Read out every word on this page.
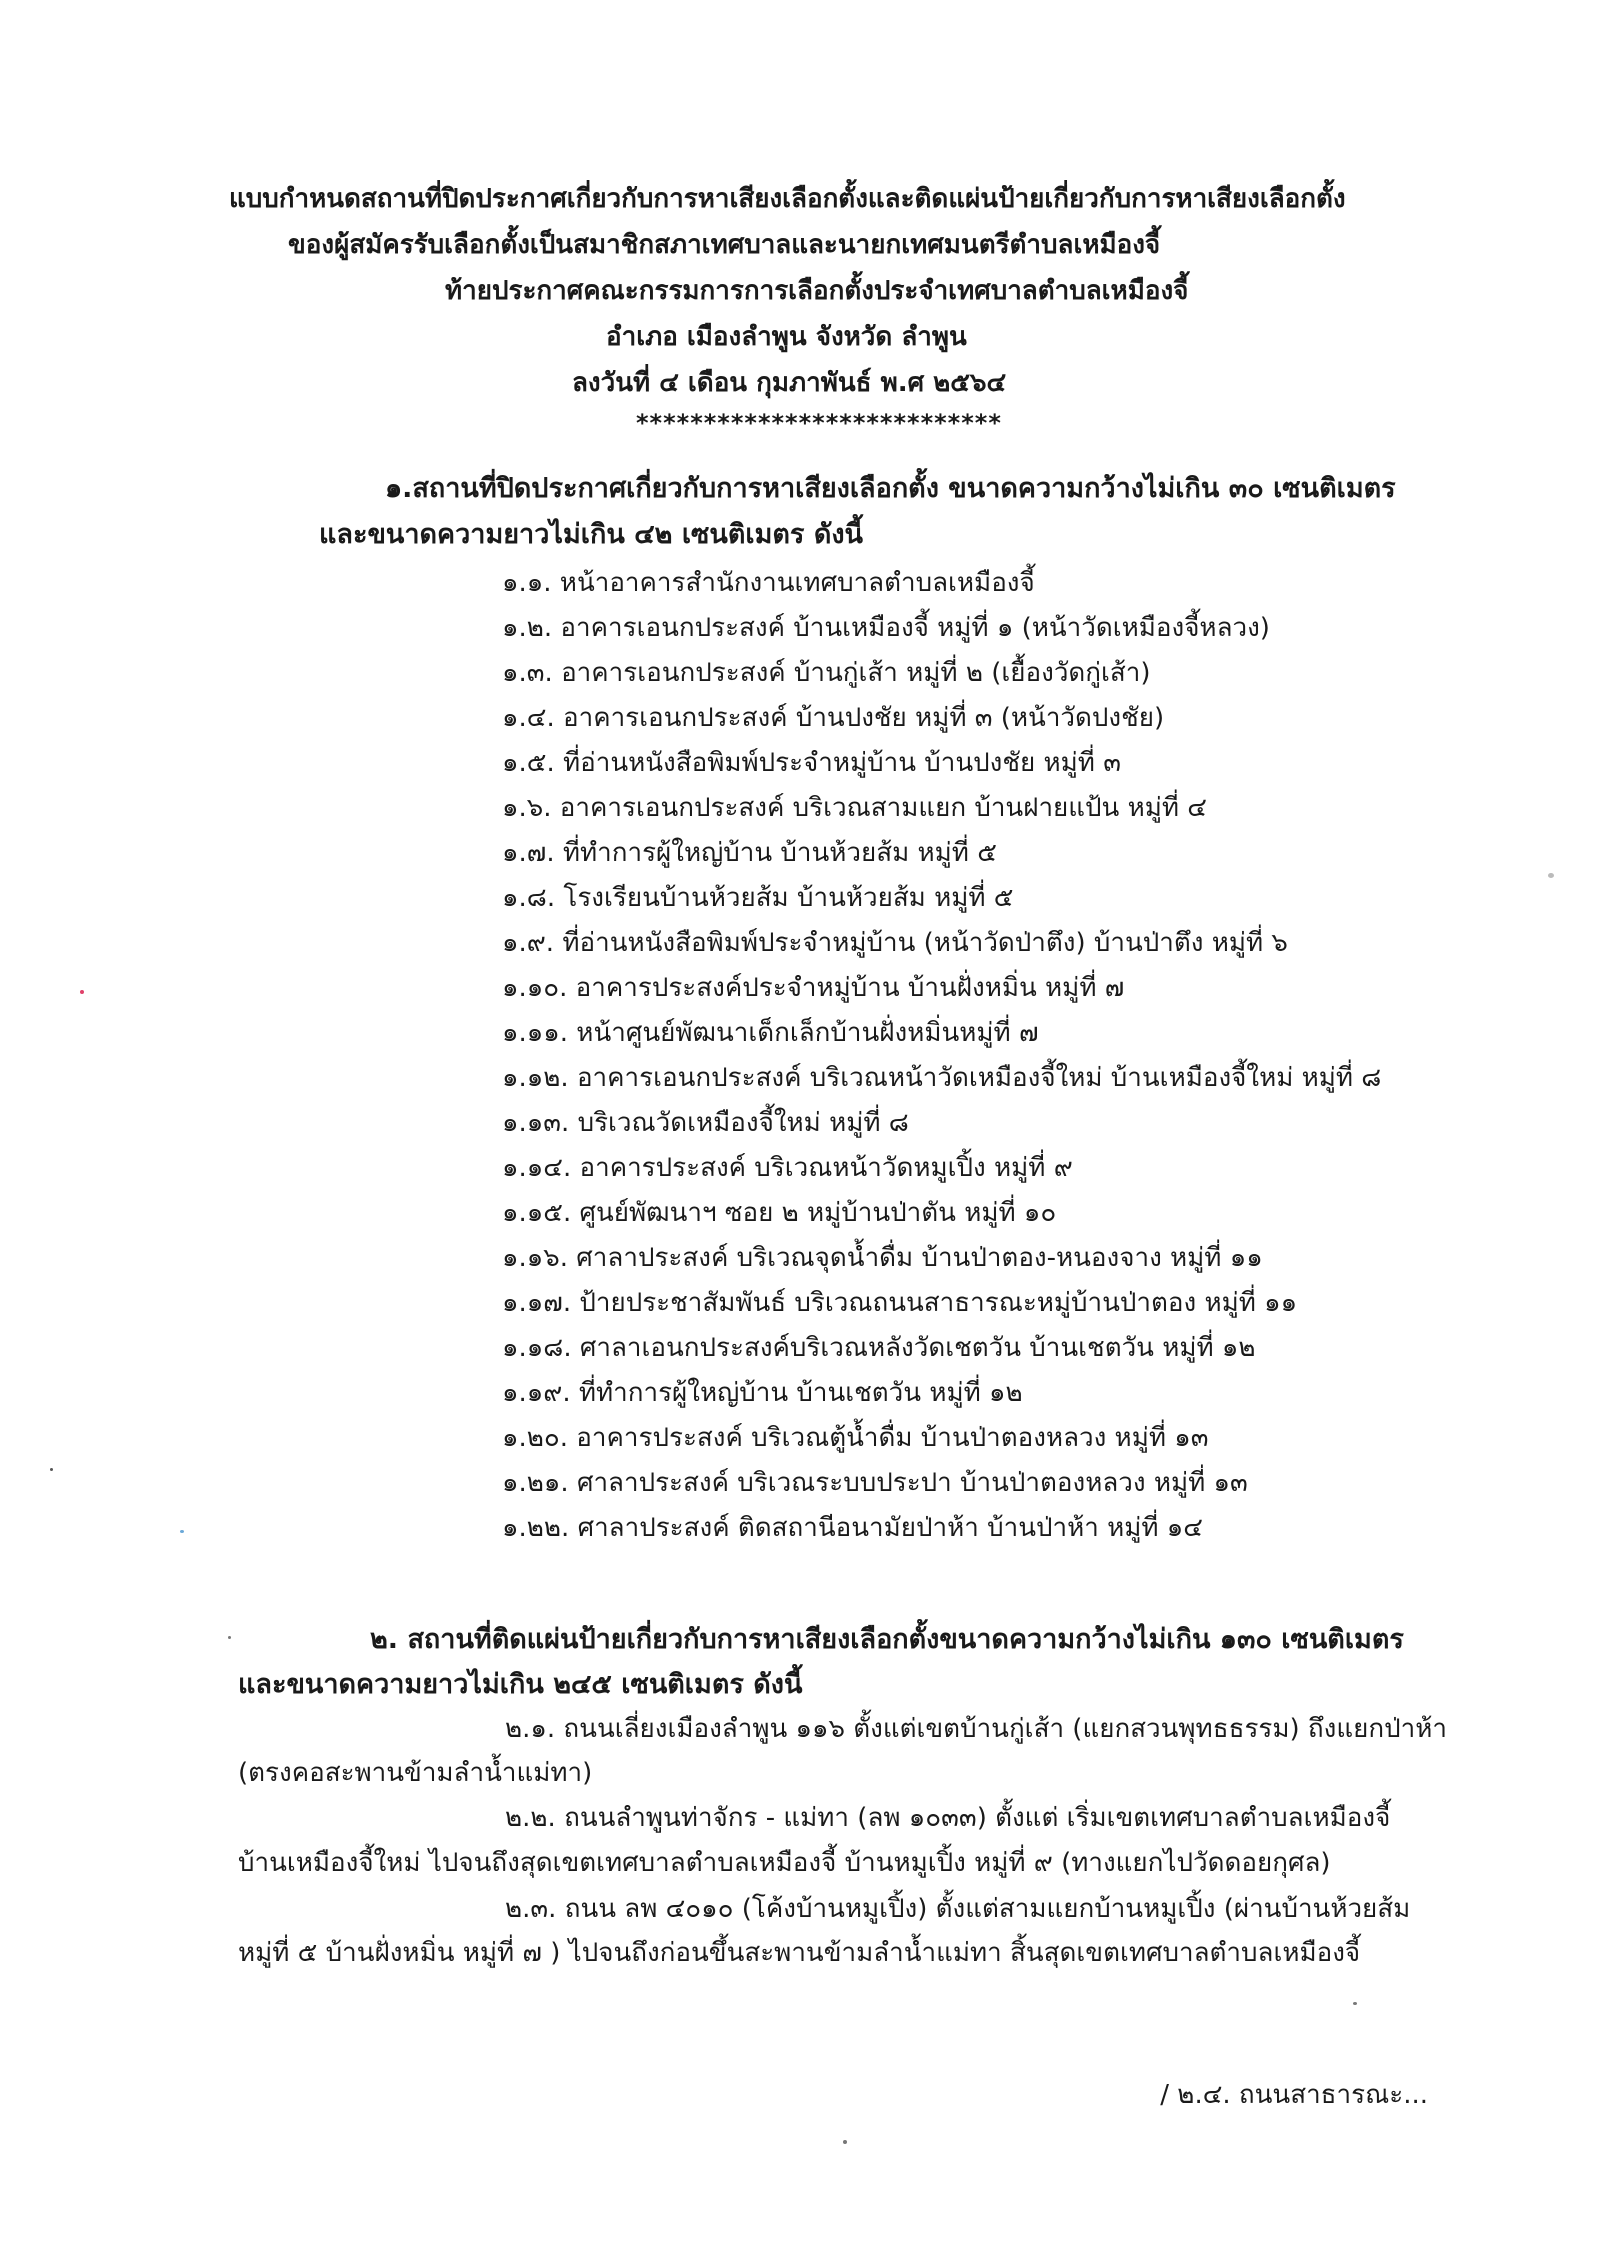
แบบกำหนดสถานที่ปิดประกาศเกี่ยวกับการหาเสียงเลือกตั้งและติดแผ่นป้ายเกี่ยวกับการหาเสียงเลือกตั้ง
ของผู้สมัครรับเลือกตั้งเป็นสมาชิกสภาเทศบาลและนายกเทศมนตรีตำบลเหมืองจี้
ท้ายประกาศคณะกรรมการการเลือกตั้งประจำเทศบาลตำบลเหมืองจี้
อำเภอ เมืองลำพูน จังหวัด ลำพูน
ลงวันที่ ๔ เดือน กุมภาพันธ์ พ.ศ ๒๕๖๔
***************************
๑.สถานที่ปิดประกาศเกี่ยวกับการหาเสียงเลือกตั้ง ขนาดความกว้างไม่เกิน ๓๐ เซนติเมตร
และขนาดความยาวไม่เกิน ๔๒ เซนติเมตร ดังนี้
๑.๑. หน้าอาคารสำนักงานเทศบาลตำบลเหมืองจี้
๑.๒. อาคารเอนกประสงค์ บ้านเหมืองจี้ หมู่ที่ ๑ (หน้าวัดเหมืองจี้หลวง)
๑.๓. อาคารเอนกประสงค์ บ้านกู่เส้า หมู่ที่ ๒ (เยื้องวัดกู่เส้า)
๑.๔. อาคารเอนกประสงค์ บ้านปงชัย หมู่ที่ ๓ (หน้าวัดปงชัย)
๑.๕. ที่อ่านหนังสือพิมพ์ประจำหมู่บ้าน บ้านปงชัย หมู่ที่ ๓
๑.๖. อาคารเอนกประสงค์ บริเวณสามแยก บ้านฝายแป้น หมู่ที่ ๔
๑.๗. ที่ทำการผู้ใหญ่บ้าน บ้านห้วยส้ม หมู่ที่ ๕
๑.๘. โรงเรียนบ้านห้วยส้ม บ้านห้วยส้ม หมู่ที่ ๕
๑.๙. ที่อ่านหนังสือพิมพ์ประจำหมู่บ้าน (หน้าวัดป่าตึง) บ้านป่าตึง หมู่ที่ ๖
๑.๑๐. อาคารประสงค์ประจำหมู่บ้าน บ้านฝั่งหมิ่น หมู่ที่ ๗
๑.๑๑. หน้าศูนย์พัฒนาเด็กเล็กบ้านฝั่งหมิ่นหมู่ที่ ๗
๑.๑๒. อาคารเอนกประสงค์ บริเวณหน้าวัดเหมืองจี้ใหม่ บ้านเหมืองจี้ใหม่ หมู่ที่ ๘
๑.๑๓. บริเวณวัดเหมืองจี้ใหม่ หมู่ที่ ๘
๑.๑๔. อาคารประสงค์ บริเวณหน้าวัดหมูเปิ้ง หมู่ที่ ๙
๑.๑๕. ศูนย์พัฒนาฯ ซอย ๒ หมู่บ้านป่าตัน หมู่ที่ ๑๐
๑.๑๖. ศาลาประสงค์ บริเวณจุดน้ำดื่ม บ้านป่าตอง-หนองจาง หมู่ที่ ๑๑
๑.๑๗. ป้ายประชาสัมพันธ์ บริเวณถนนสาธารณะหมู่บ้านป่าตอง หมู่ที่ ๑๑
๑.๑๘. ศาลาเอนกประสงค์บริเวณหลังวัดเชตวัน บ้านเชตวัน หมู่ที่ ๑๒
๑.๑๙. ที่ทำการผู้ใหญ่บ้าน บ้านเชตวัน หมู่ที่ ๑๒
๑.๒๐. อาคารประสงค์ บริเวณตู้น้ำดื่ม บ้านป่าตองหลวง หมู่ที่ ๑๓
๑.๒๑. ศาลาประสงค์ บริเวณระบบประปา บ้านป่าตองหลวง หมู่ที่ ๑๓
๑.๒๒. ศาลาประสงค์ ติดสถานีอนามัยป่าห้า บ้านป่าห้า หมู่ที่ ๑๔
๒. สถานที่ติดแผ่นป้ายเกี่ยวกับการหาเสียงเลือกตั้งขนาดความกว้างไม่เกิน ๑๓๐ เซนติเมตร
และขนาดความยาวไม่เกิน ๒๔๕ เซนติเมตร ดังนี้
๒.๑. ถนนเลี่ยงเมืองลำพูน ๑๑๖ ตั้งแต่เขตบ้านกู่เส้า (แยกสวนพุทธธรรม) ถึงแยกป่าห้า
(ตรงคอสะพานข้ามลำน้ำแม่ทา)
๒.๒. ถนนลำพูนท่าจักร - แม่ทา (ลพ ๑๐๓๓) ตั้งแต่ เริ่มเขตเทศบาลตำบลเหมืองจี้
บ้านเหมืองจี้ใหม่ ไปจนถึงสุดเขตเทศบาลตำบลเหมืองจี้ บ้านหมูเปิ้ง หมู่ที่ ๙ (ทางแยกไปวัดดอยกุศล)
๒.๓. ถนน ลพ ๔๐๑๐ (โค้งบ้านหมูเปิ้ง) ตั้งแต่สามแยกบ้านหมูเปิ้ง (ผ่านบ้านห้วยส้ม
หมู่ที่ ๕ บ้านฝั่งหมิ่น หมู่ที่ ๗ ) ไปจนถึงก่อนขึ้นสะพานข้ามลำน้ำแม่ทา สิ้นสุดเขตเทศบาลตำบลเหมืองจี้
/ ๒.๔. ถนนสาธารณะ...
